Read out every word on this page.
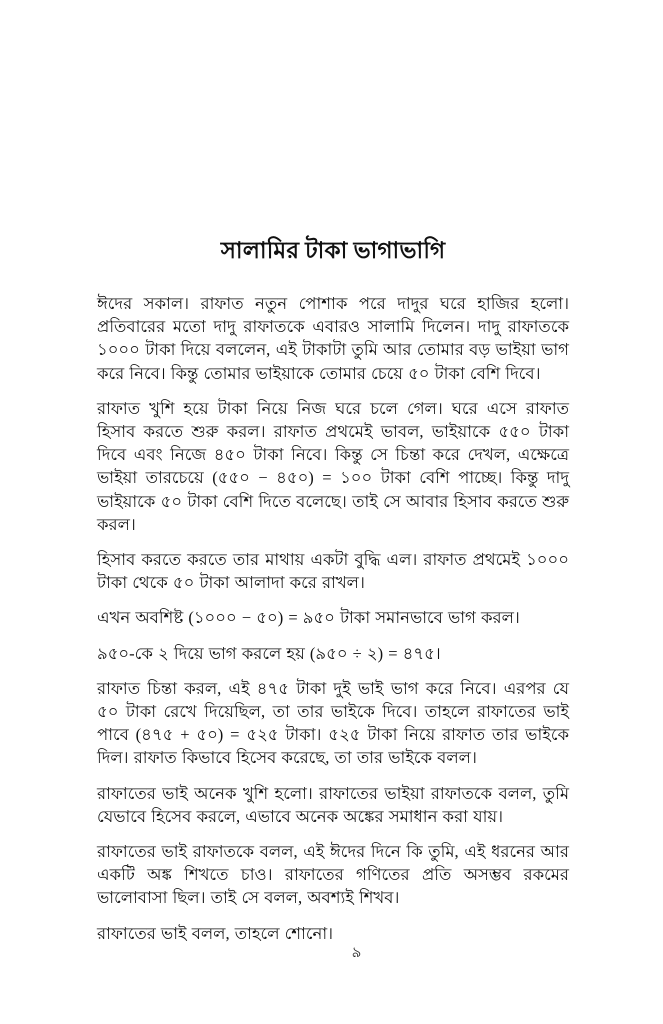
সালামির টাকা ভাগাভাগি

ঈদের সকাল। রাফাত নতুন পোশাক পরে দাদুর ঘরে হাজির হলো। প্রতিবারের মতো দাদু রাফাতকে এবারও সালামি দিলেন। দাদু রাফাতকে ১০০০ টাকা দিয়ে বললেন, এই টাকাটা তুমি আর তোমার বড় ভাইয়া ভাগ করে নিবে। কিন্তু তোমার ভাইয়াকে তোমার চেয়ে ৫০ টাকা বেশি দিবে।

রাফাত খুশি হয়ে টাকা নিয়ে নিজ ঘরে চলে গেল। ঘরে এসে রাফাত হিসাব করতে শুরু করল। রাফাত প্রথমেই ভাবল, ভাইয়াকে ৫৫০ টাকা দিবে এবং নিজে ৪৫০ টাকা নিবে। কিন্তু সে চিন্তা করে দেখল, এক্ষেত্রে ভাইয়া তারচেয়ে (৫৫০ − ৪৫০) = ১০০ টাকা বেশি পাচ্ছে। কিন্তু দাদু ভাইয়াকে ৫০ টাকা বেশি দিতে বলেছে। তাই সে আবার হিসাব করতে শুরু করল।

হিসাব করতে করতে তার মাথায় একটা বুদ্ধি এল। রাফাত প্রথমেই ১০০০ টাকা থেকে ৫০ টাকা আলাদা করে রাখল।

এখন অবশিষ্ট (১০০০ − ৫০) = ৯৫০ টাকা সমানভাবে ভাগ করল।

৯৫০-কে ২ দিয়ে ভাগ করলে হয় (৯৫০ ÷ ২) = ৪৭৫।

রাফাত চিন্তা করল, এই ৪৭৫ টাকা দুই ভাই ভাগ করে নিবে। এরপর যে ৫০ টাকা রেখে দিয়েছিল, তা তার ভাইকে দিবে। তাহলে রাফাতের ভাই পাবে (৪৭৫ + ৫০) = ৫২৫ টাকা। ৫২৫ টাকা নিয়ে রাফাত তার ভাইকে দিল। রাফাত কিভাবে হিসেব করেছে, তা তার ভাইকে বলল।

রাফাতের ভাই অনেক খুশি হলো। রাফাতের ভাইয়া রাফাতকে বলল, তুমি যেভাবে হিসেব করলে, এভাবে অনেক অঙ্কের সমাধান করা যায়।

রাফাতের ভাই রাফাতকে বলল, এই ঈদের দিনে কি তুমি, এই ধরনের আর একটি অঙ্ক শিখতে চাও। রাফাতের গণিতের প্রতি অসম্ভব রকমের ভালোবাসা ছিল। তাই সে বলল, অবশ্যই শিখব।

রাফাতের ভাই বলল, তাহলে শোনো।

৯
